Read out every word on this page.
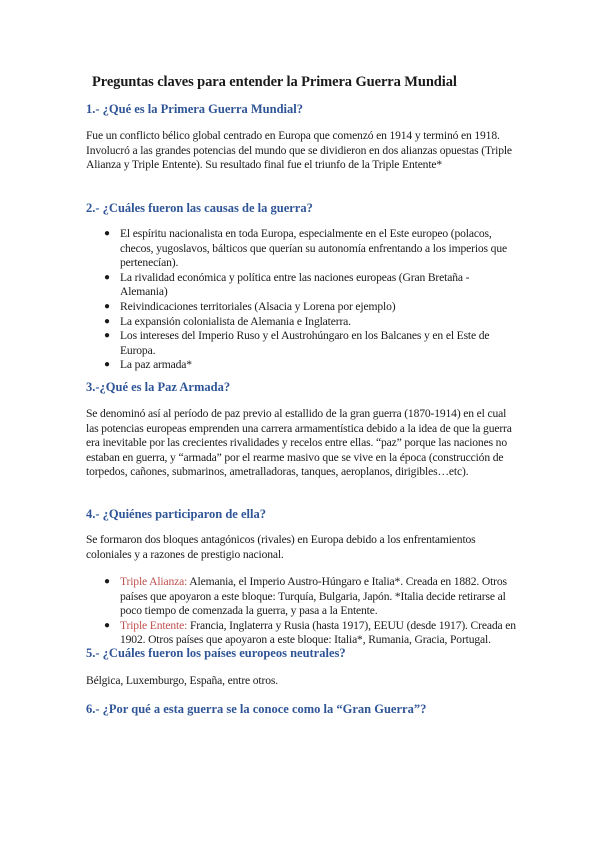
Preguntas claves para entender la Primera Guerra Mundial
1.- ¿Qué es la Primera Guerra Mundial?
Fue un conflicto bélico global centrado en Europa que comenzó en 1914 y terminó en 1918. Involucró a las grandes potencias del mundo que se dividieron en dos alianzas opuestas (Triple Alianza y Triple Entente). Su resultado final fue el triunfo de la Triple Entente*
2.- ¿Cuáles fueron las causas de la guerra?
● El espíritu nacionalista en toda Europa, especialmente en el Este europeo (polacos, checos, yugoslavos, bálticos que querían su autonomía enfrentando a los imperios que pertenecían).
● La rivalidad económica y política entre las naciones europeas (Gran Bretaña - Alemania)
● Reivindicaciones territoriales (Alsacia y Lorena por ejemplo)
● La expansión colonialista de Alemania e Inglaterra.
● Los intereses del Imperio Ruso y el Austrohúngaro en los Balcanes y en el Este de Europa.
● La paz armada*
3.-¿Qué es la Paz Armada?
Se denominó así al período de paz previo al estallido de la gran guerra (1870-1914) en el cual las potencias europeas emprenden una carrera armamentística debido a la idea de que la guerra era inevitable por las crecientes rivalidades y recelos entre ellas. “paz” porque las naciones no estaban en guerra, y “armada” por el rearme masivo que se vive en la época (construcción de torpedos, cañones, submarinos, ametralladoras, tanques, aeroplanos, dirigibles…etc).
4.- ¿Quiénes participaron de ella?
Se formaron dos bloques antagónicos (rivales) en Europa debido a los enfrentamientos coloniales y a razones de prestigio nacional.
● Triple Alianza: Alemania, el Imperio Austro-Húngaro e Italia*. Creada en 1882. Otros países que apoyaron a este bloque: Turquía, Bulgaria, Japón. *Italia decide retirarse al poco tiempo de comenzada la guerra, y pasa a la Entente.
● Triple Entente: Francia, Inglaterra y Rusia (hasta 1917), EEUU (desde 1917). Creada en 1902. Otros países que apoyaron a este bloque: Italia*, Rumania, Gracia, Portugal.
5.- ¿Cuáles fueron los países europeos neutrales?
Bélgica, Luxemburgo, España, entre otros.
6.- ¿Por qué a esta guerra se la conoce como la “Gran Guerra”?
